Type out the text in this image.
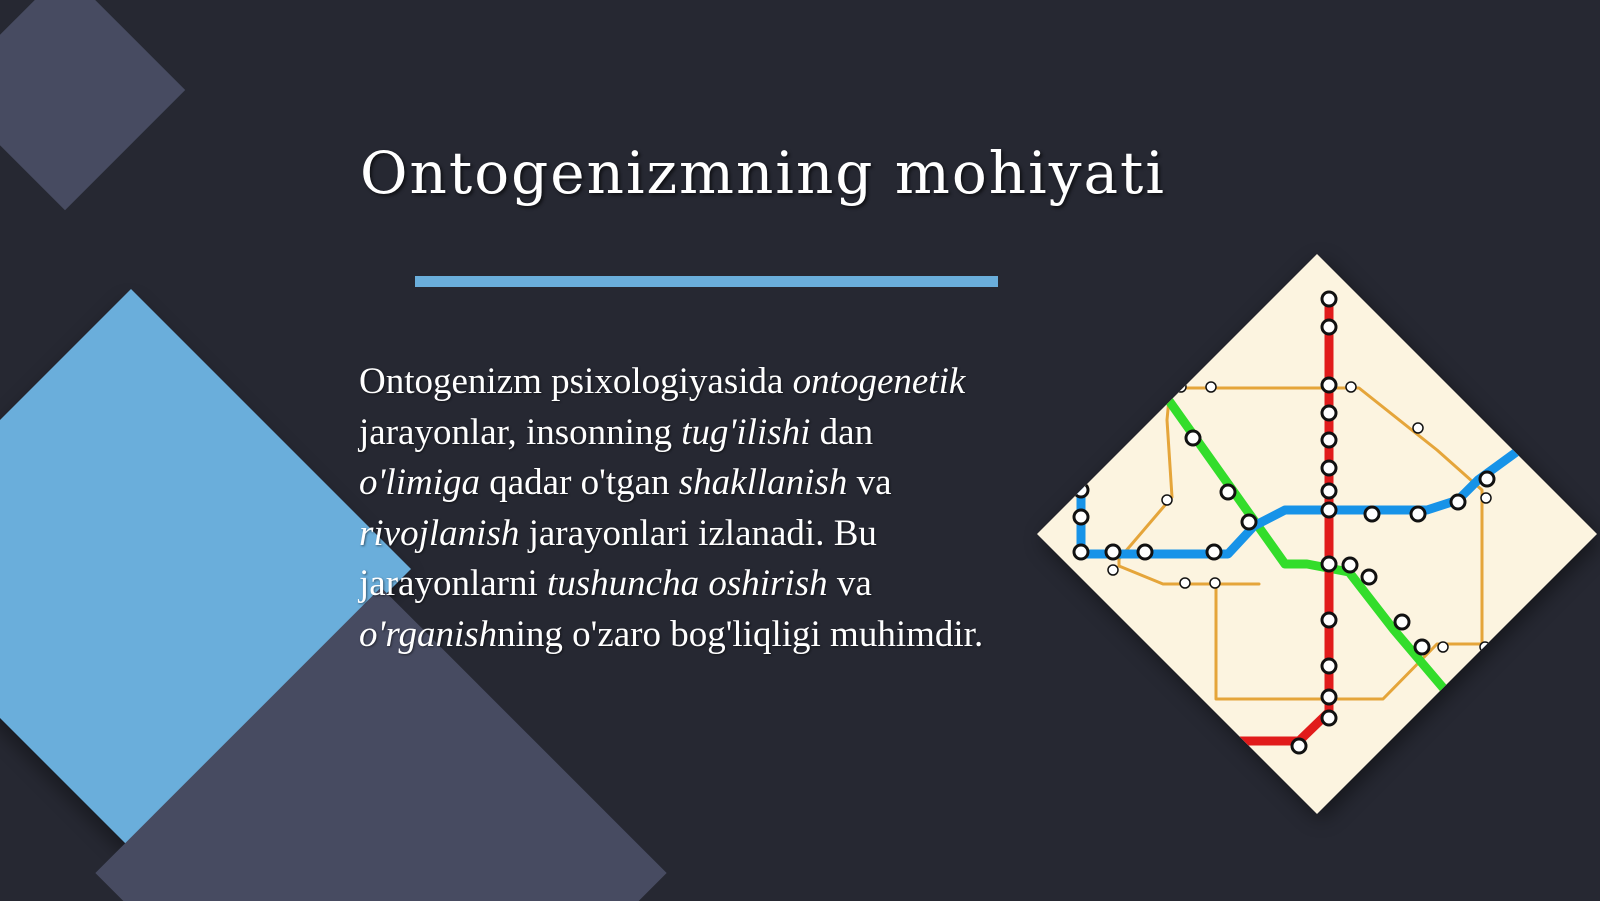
Ontogenizmning mohiyati
Ontogenizm psixologiyasida ontogenetik
jarayonlar, insonning tug'ilishi dan
o'limiga qadar o'tgan shakllanish va
rivojlanish jarayonlari izlanadi. Bu
jarayonlarni tushuncha oshirish va
o'rganishning o'zaro bog'liqligi muhimdir.
